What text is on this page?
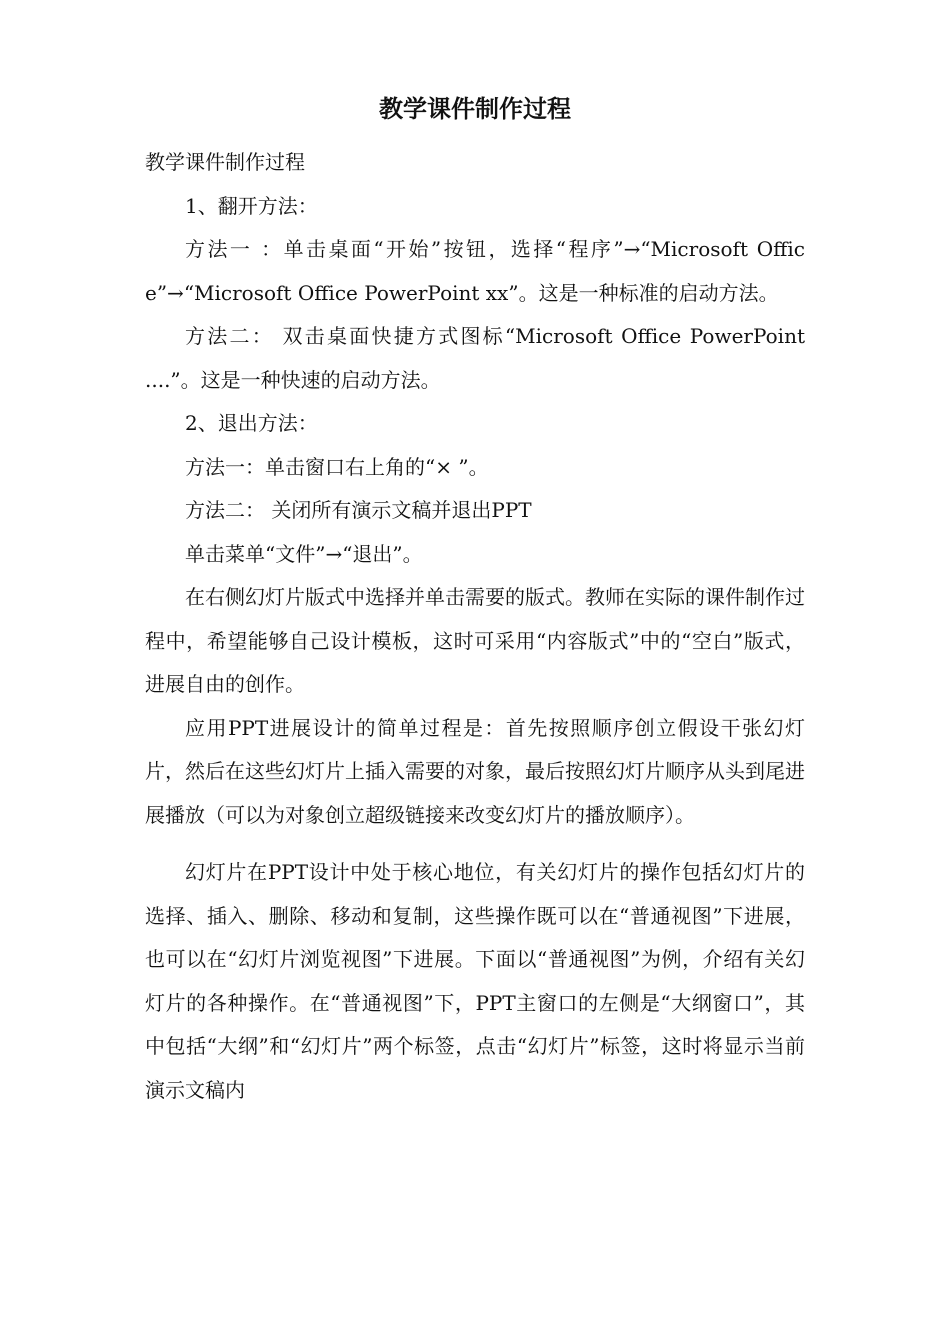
教学课件制作过程

教学课件制作过程

1、翻开方法：

方法一 ：单击桌面“开始”按钮，选择“程序”→“Microsoft Office”→“Microsoft Office PowerPoint xx”。这是一种标准的启动方法。

方法二： 双击桌面快捷方式图标“Microsoft Office PowerPoint ....”。这是一种快速的启动方法。

2、退出方法：

方法一：单击窗口右上角的“× ”。

方法二： 关闭所有演示文稿并退出PPT

单击菜单“文件”→“退出”。

在右侧幻灯片版式中选择并单击需要的版式。教师在实际的课件制作过程中，希望能够自己设计模板，这时可采用“内容版式”中的“空白”版式，进展自由的创作。

应用PPT进展设计的简单过程是：首先按照顺序创立假设干张幻灯片，然后在这些幻灯片上插入需要的对象，最后按照幻灯片顺序从头到尾进展播放（可以为对象创立超级链接来改变幻灯片的播放顺序）。

幻灯片在PPT设计中处于核心地位，有关幻灯片的操作包括幻灯片的选择、插入、删除、移动和复制，这些操作既可以在“普通视图”下进展，也可以在“幻灯片浏览视图”下进展。下面以“普通视图”为例，介绍有关幻灯片的各种操作。在“普通视图”下，PPT主窗口的左侧是“大纲窗口”，其中包括“大纲”和“幻灯片”两个标签，点击“幻灯片”标签，这时将显示当前演示文稿内
